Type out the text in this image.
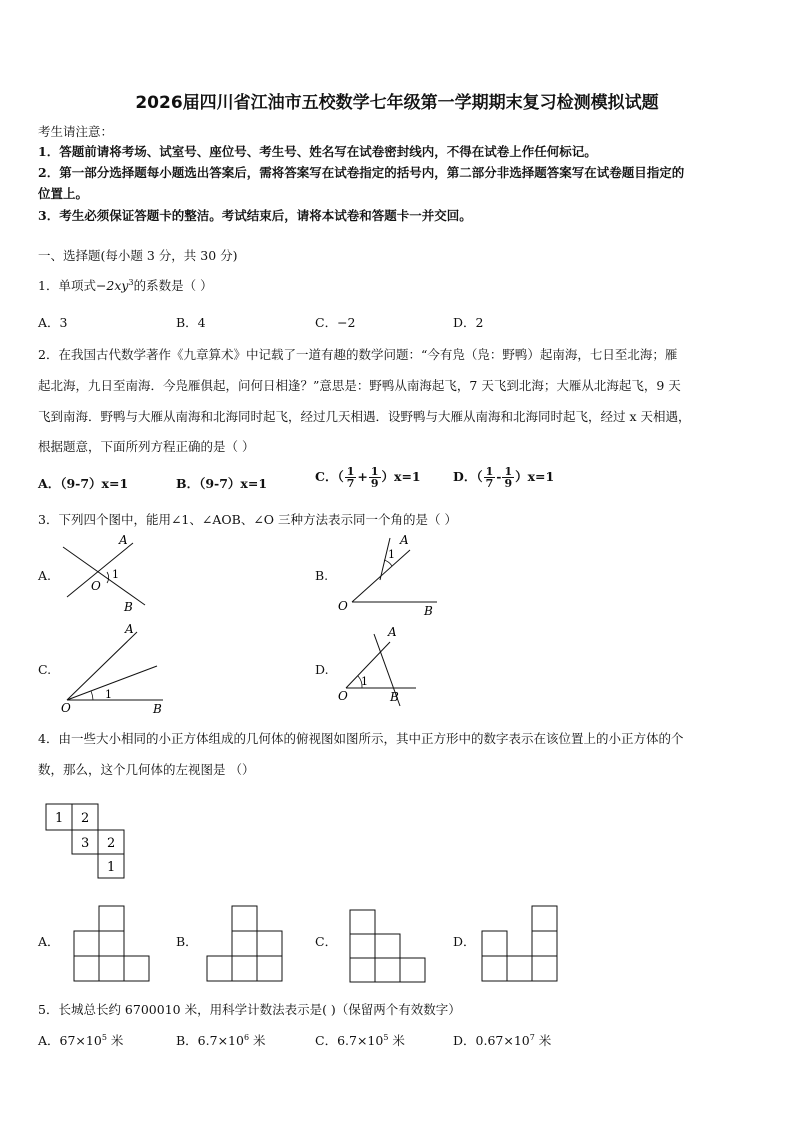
2026届四川省江油市五校数学七年级第一学期期末复习检测模拟试题
考生请注意：
1．答题前请将考场、试室号、座位号、考生号、姓名写在试卷密封线内，不得在试卷上作任何标记。
2．第一部分选择题每小题选出答案后，需将答案写在试卷指定的括号内，第二部分非选择题答案写在试卷题目指定的
位置上。
3．考生必须保证答题卡的整洁。考试结束后，请将本试卷和答题卡一并交回。
一、选择题(每小题 3 分，共 30 分)
1．单项式$-2xy^3$的系数是（ ）
A．3	B．4	C．−2	D．2
2．在我国古代数学著作《九章算术》中记载了一道有趣的数学问题：“今有凫（凫：野鸭）起南海，七日至北海；雁
起北海，九日至南海．今凫雁俱起，问何日相逢？”意思是：野鸭从南海起飞，7 天飞到北海；大雁从北海起飞，9 天
飞到南海．野鸭与大雁从南海和北海同时起飞，经过几天相遇．设野鸭与大雁从南海和北海同时起飞，经过 x 天相遇，
根据题意，下面所列方程正确的是（ ）
A．（9-7）x=1	B．（9-7）x=1	C．（ $\frac{1}{7} + \frac{1}{9} )x=1$	D．（ $\frac{1}{7} - \frac{1}{9} )x=1$
3．下列四个图中，能用∠1、∠AOB、∠O 三种方法表示同一个角的是（ ）
A.
A
B
O
1	B.
A
B
O
1
C.
A
B
O
1
D.
A
B
O
1
4．由一些大小相同的小正方体组成的几何体的俯视图如图所示，其中正方形中的数字表示在该位置上的小正方体的个
数，那么，这个几何体的左视图是 （）
1 2
3 2
1
A．	B．	C．	D．
5．长城总长约 6700010 米，用科学计数法表示是( )（保留两个有效数字）
A．$67\times 10^5$ 米	B．$6.7\times 10^6$ 米	C．$6.7\times 10^5$ 米	D．$0.67\times 10^7$ 米
